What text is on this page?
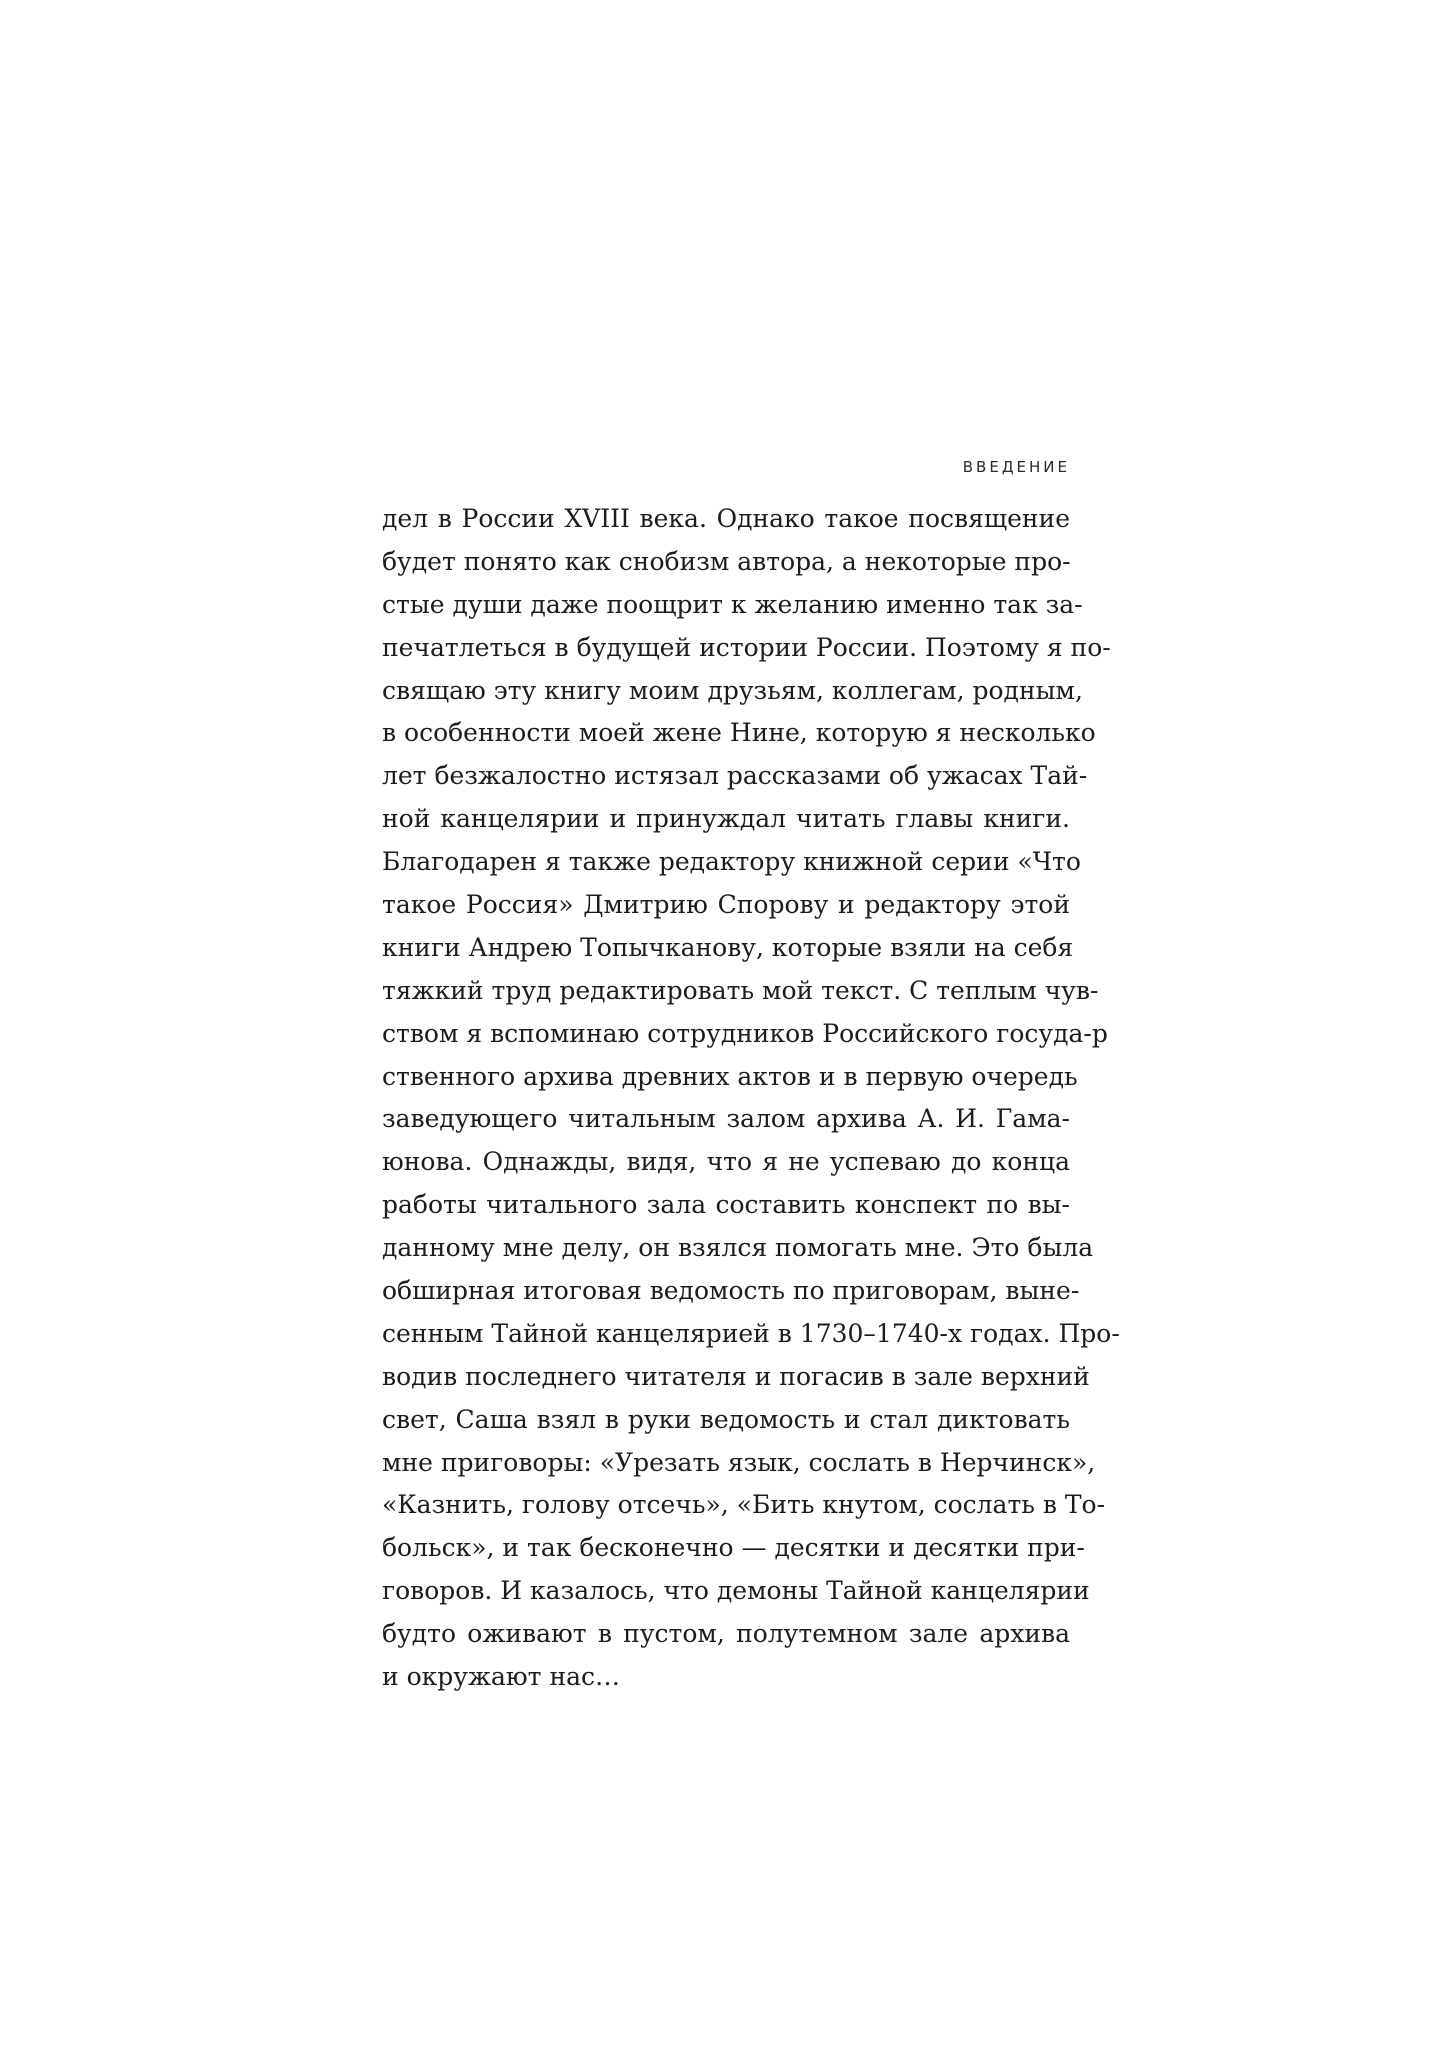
ВВЕДЕНИЕ
дел в России XVIII века. Однако такое посвящение
будет понято как снобизм автора, а некоторые про-
стые души даже поощрит к желанию именно так за-
печатлеться в будущей истории России. Поэтому я по-
свящаю эту книгу моим друзьям, коллегам, родным,
в особенности моей жене Нине, которую я несколько
лет безжалостно истязал рассказами об ужасах Тай-
ной канцелярии и принуждал читать главы книги.
Благодарен я также редактору книжной серии «Что
такое Россия» Дмитрию Спорову и редактору этой
книги Андрею Топычканову, которые взяли на себя
тяжкий труд редактировать мой текст. С теплым чув-
ством я вспоминаю сотрудников Российского госуда-р
ственного архива древних актов и в первую очередь
заведующего читальным залом архива А. И. Гама-
юнова. Однажды, видя, что я не успеваю до конца
работы читального зала составить конспект по вы-
данному мне делу, он взялся помогать мне. Это была
обширная итоговая ведомость по приговорам, выне-
сенным Тайной канцелярией в 1730–1740-х годах. Про-
водив последнего читателя и погасив в зале верхний
свет, Саша взял в руки ведомость и стал диктовать
мне приговоры: «Урезать язык, сослать в Нерчинск»,
«Казнить, голову отсечь», «Бить кнутом, сослать в То-
больск», и так бесконечно — десятки и десятки при-
говоров. И казалось, что демоны Тайной канцелярии
будто оживают в пустом, полутемном зале архива
и окружают нас…
